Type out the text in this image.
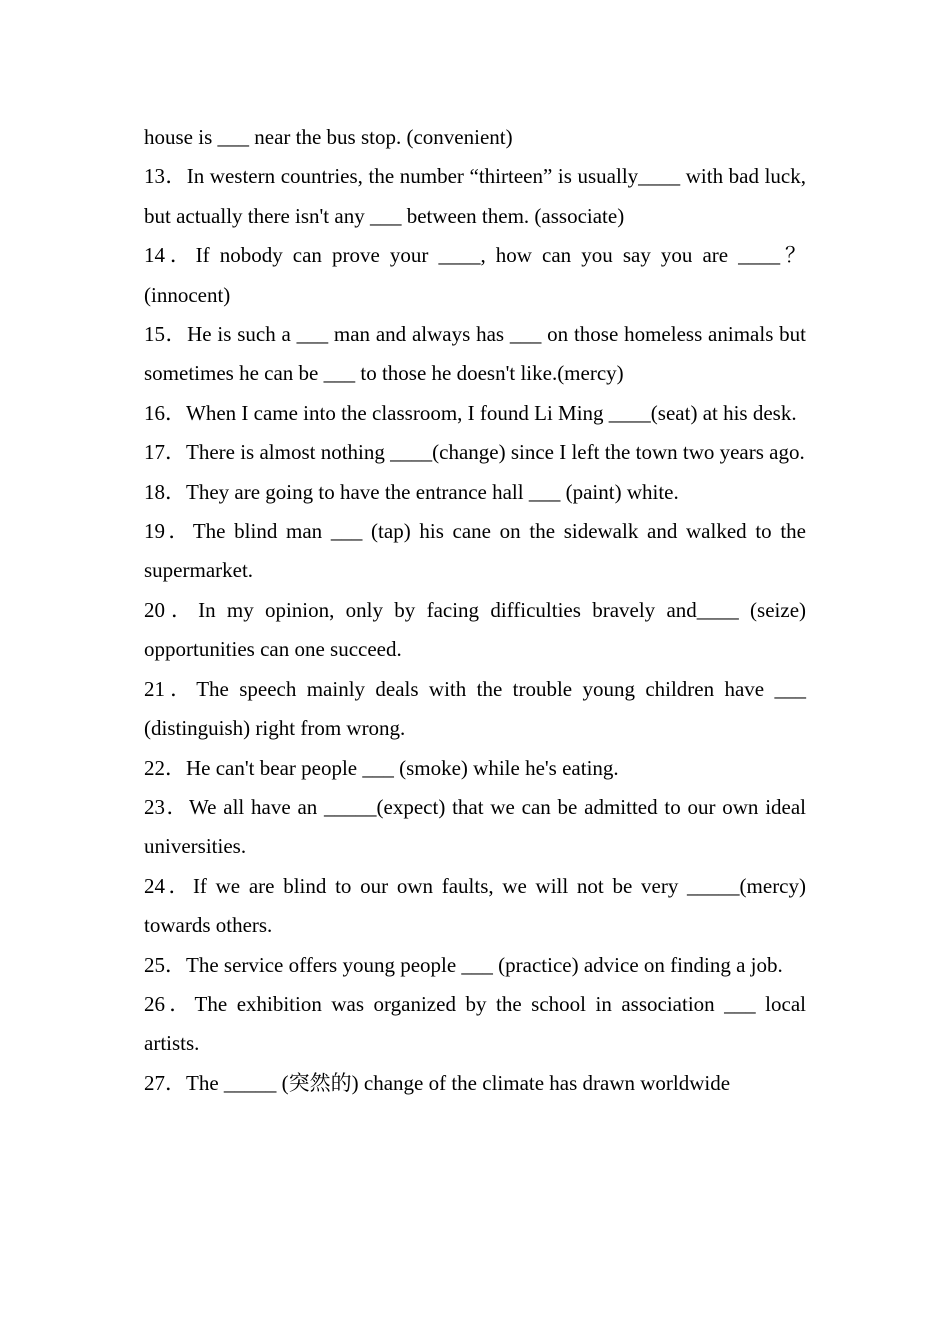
house is ___ near the bus stop. (convenient)

13．In western countries, the number “thirteen” is usually____ with bad luck, but actually there isn't any ___ between them. (associate)

14．If nobody can prove your ____, how can you say you are ____？(innocent)

15．He is such a ___ man and always has ___ on those homeless animals but sometimes he can be ___ to those he doesn't like.(mercy)

16．When I came into the classroom, I found Li Ming ____(seat) at his desk.

17．There is almost nothing ____(change) since I left the town two years ago.

18．They are going to have the entrance hall ___ (paint) white.

19．The blind man ___ (tap) his cane on the sidewalk and walked to the supermarket.

20．In my opinion, only by facing difficulties bravely and____ (seize) opportunities can one succeed.

21．The speech mainly deals with the trouble young children have ___ (distinguish) right from wrong.

22．He can't bear people ___ (smoke) while he's eating.

23．We all have an _____(expect) that we can be admitted to our own ideal universities.

24．If we are blind to our own faults, we will not be very _____(mercy) towards others.

25．The service offers young people ___ (practice) advice on finding a job.

26．The exhibition was organized by the school in association ___ local artists.

27．The _____ (突然的) change of the climate has drawn worldwide
